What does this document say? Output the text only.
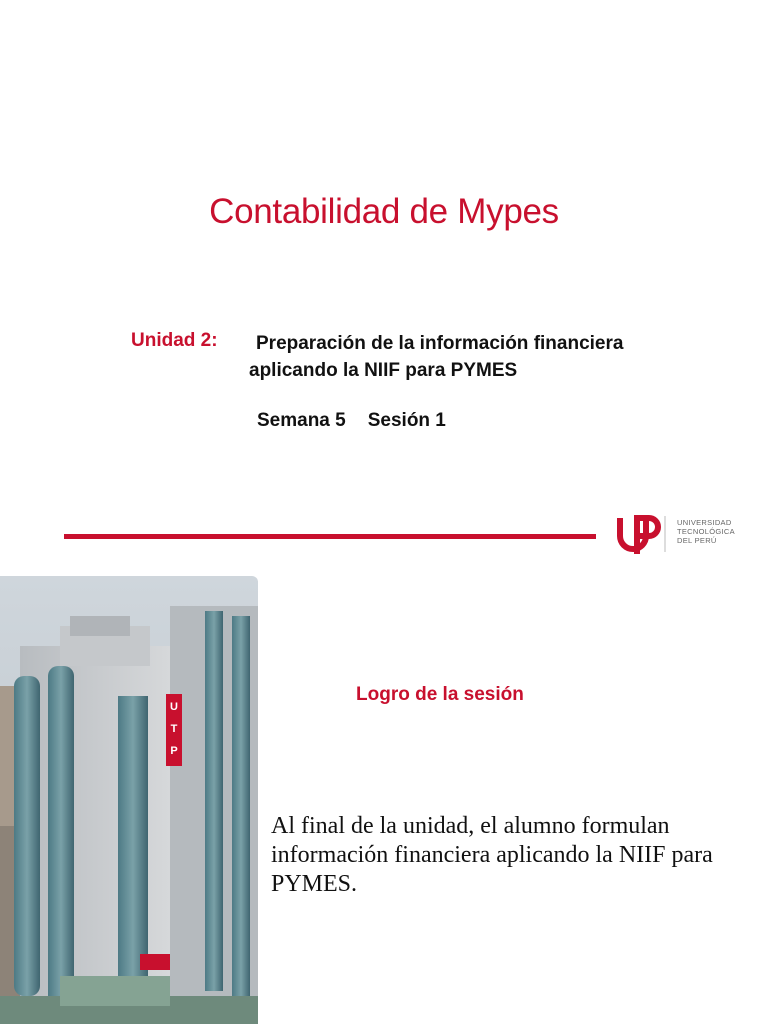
Contabilidad de Mypes
Unidad 2: Preparación de la información financiera
aplicando la NIIF para PYMES
Semana 5 Sesión 1
UNIVERSIDAD
TECNOLÓGICA
DEL PERÚ
U
T
P
Logro de la sesión
Al final de la unidad, el alumno formulan información financiera aplicando la NIIF para PYMES.
